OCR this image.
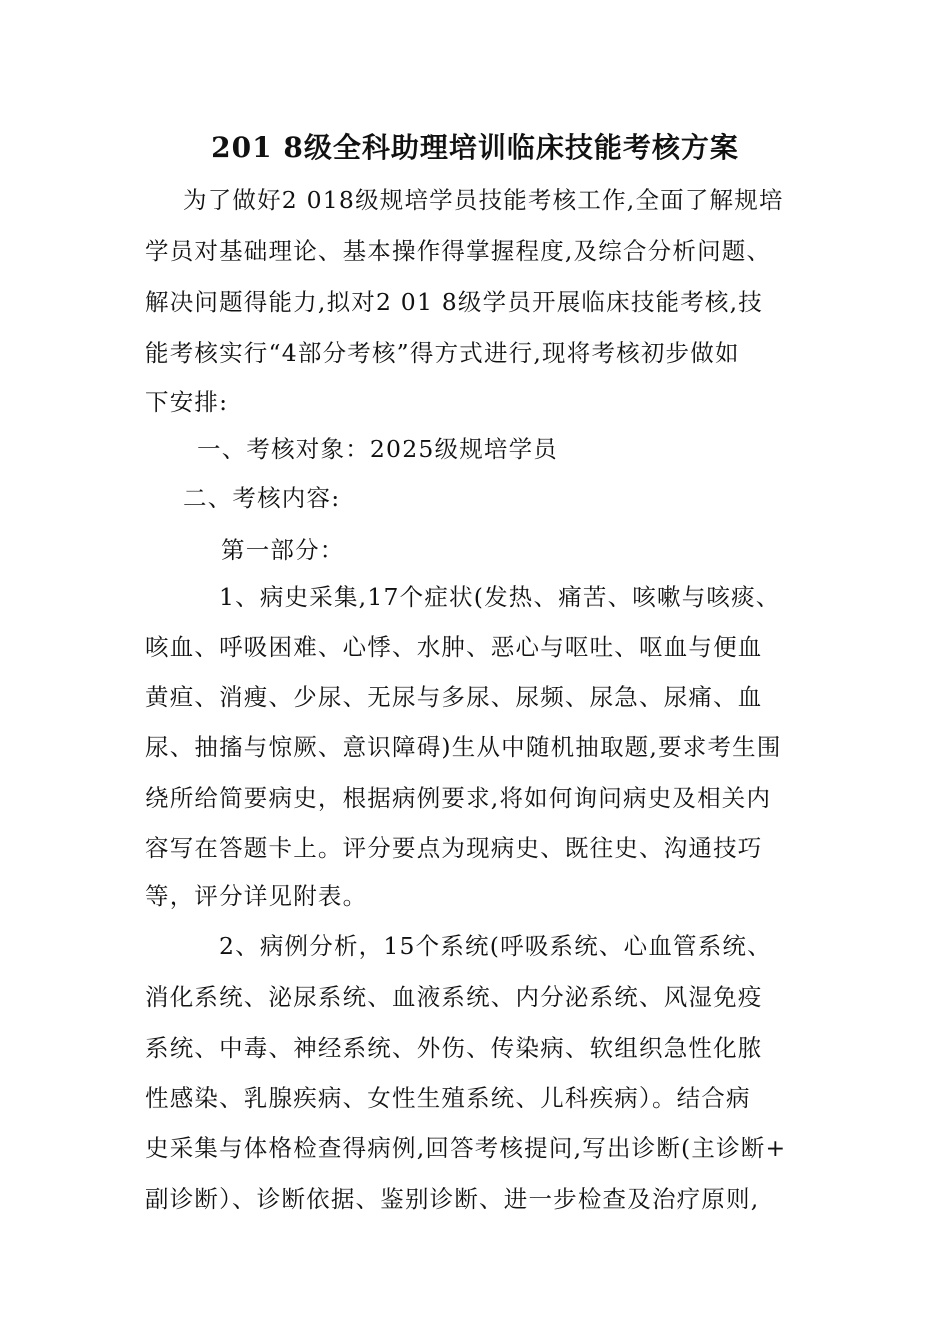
201 8级全科助理培训临床技能考核方案
为了做好2 018级规培学员技能考核工作,全面了解规培
学员对基础理论、基本操作得掌握程度,及综合分析问题、
解决问题得能力,拟对2 01 8级学员开展临床技能考核,技
能考核实行“4部分考核”得方式进行,现将考核初步做如
下安排:
一、考核对象：2025级规培学员
二、考核内容:
第一部分：
1、病史采集,17个症状(发热、痛苦、咳嗽与咳痰、
咳血、呼吸困难、心悸、水肿、恶心与呕吐、呕血与便血
黄疸、消瘦、少尿、无尿与多尿、尿频、尿急、尿痛、血
尿、抽搐与惊厥、意识障碍)生从中随机抽取题,要求考生围
绕所给简要病史，根据病例要求,将如何询问病史及相关内
容写在答题卡上。评分要点为现病史、既往史、沟通技巧
等，评分详见附表。
2、病例分析，15个系统(呼吸系统、心血管系统、
消化系统、泌尿系统、血液系统、内分泌系统、风湿免疫
系统、中毒、神经系统、外伤、传染病、软组织急性化脓
性感染、乳腺疾病、女性生殖系统、儿科疾病）。结合病
史采集与体格检查得病例,回答考核提问,写出诊断(主诊断+
副诊断）、诊断依据、鉴别诊断、进一步检查及治疗原则,
